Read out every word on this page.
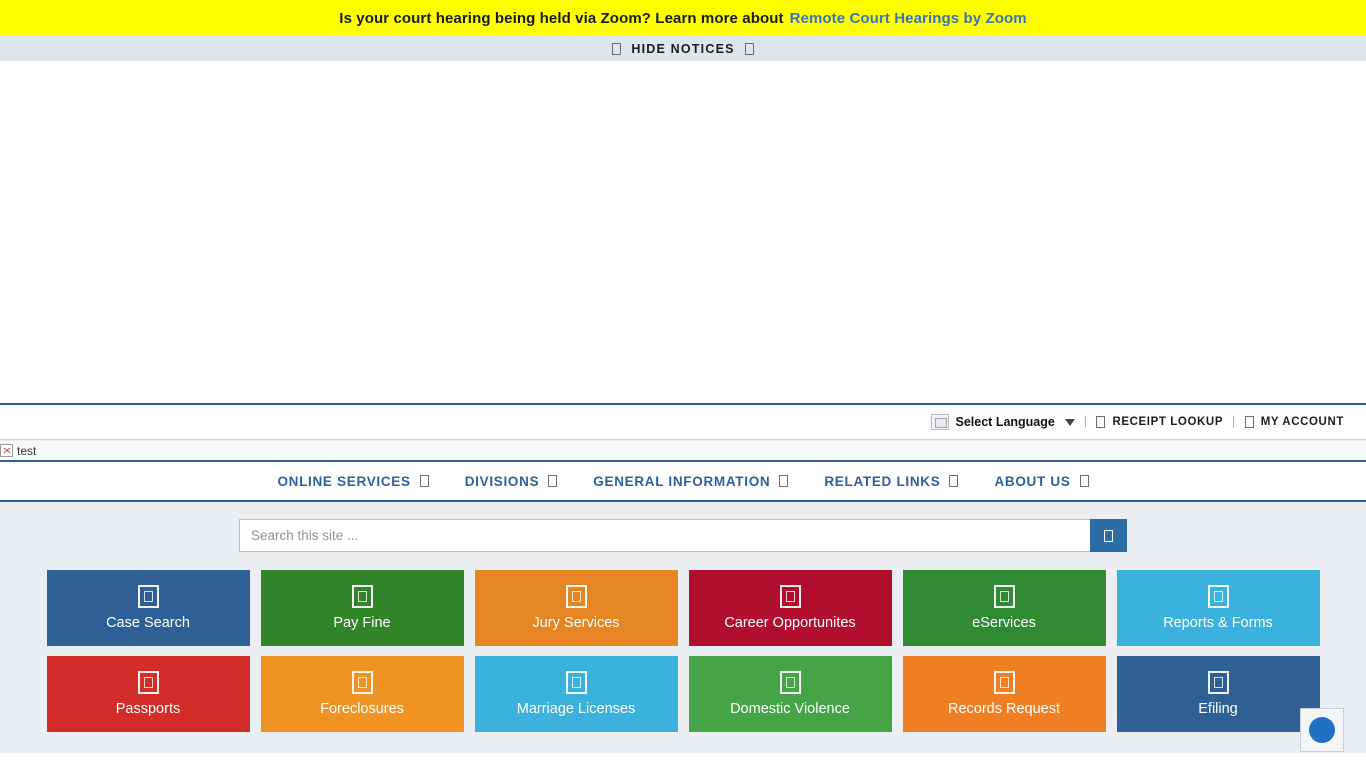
Is your court hearing being held via Zoom? Learn more about Remote Court Hearings by Zoom
HIDE NOTICES
Select Language	| RECEIPT LOOKUP | MY ACCOUNT
test
ONLINE SERVICES	DIVISIONS	GENERAL INFORMATION	RELATED LINKS	ABOUT US
Search this site ...
Case Search	Pay Fine	Jury Services	Career Opportunites	eServices	Reports & Forms
Passports	Foreclosures	Marriage Licenses	Domestic Violence	Records Request	Efiling
